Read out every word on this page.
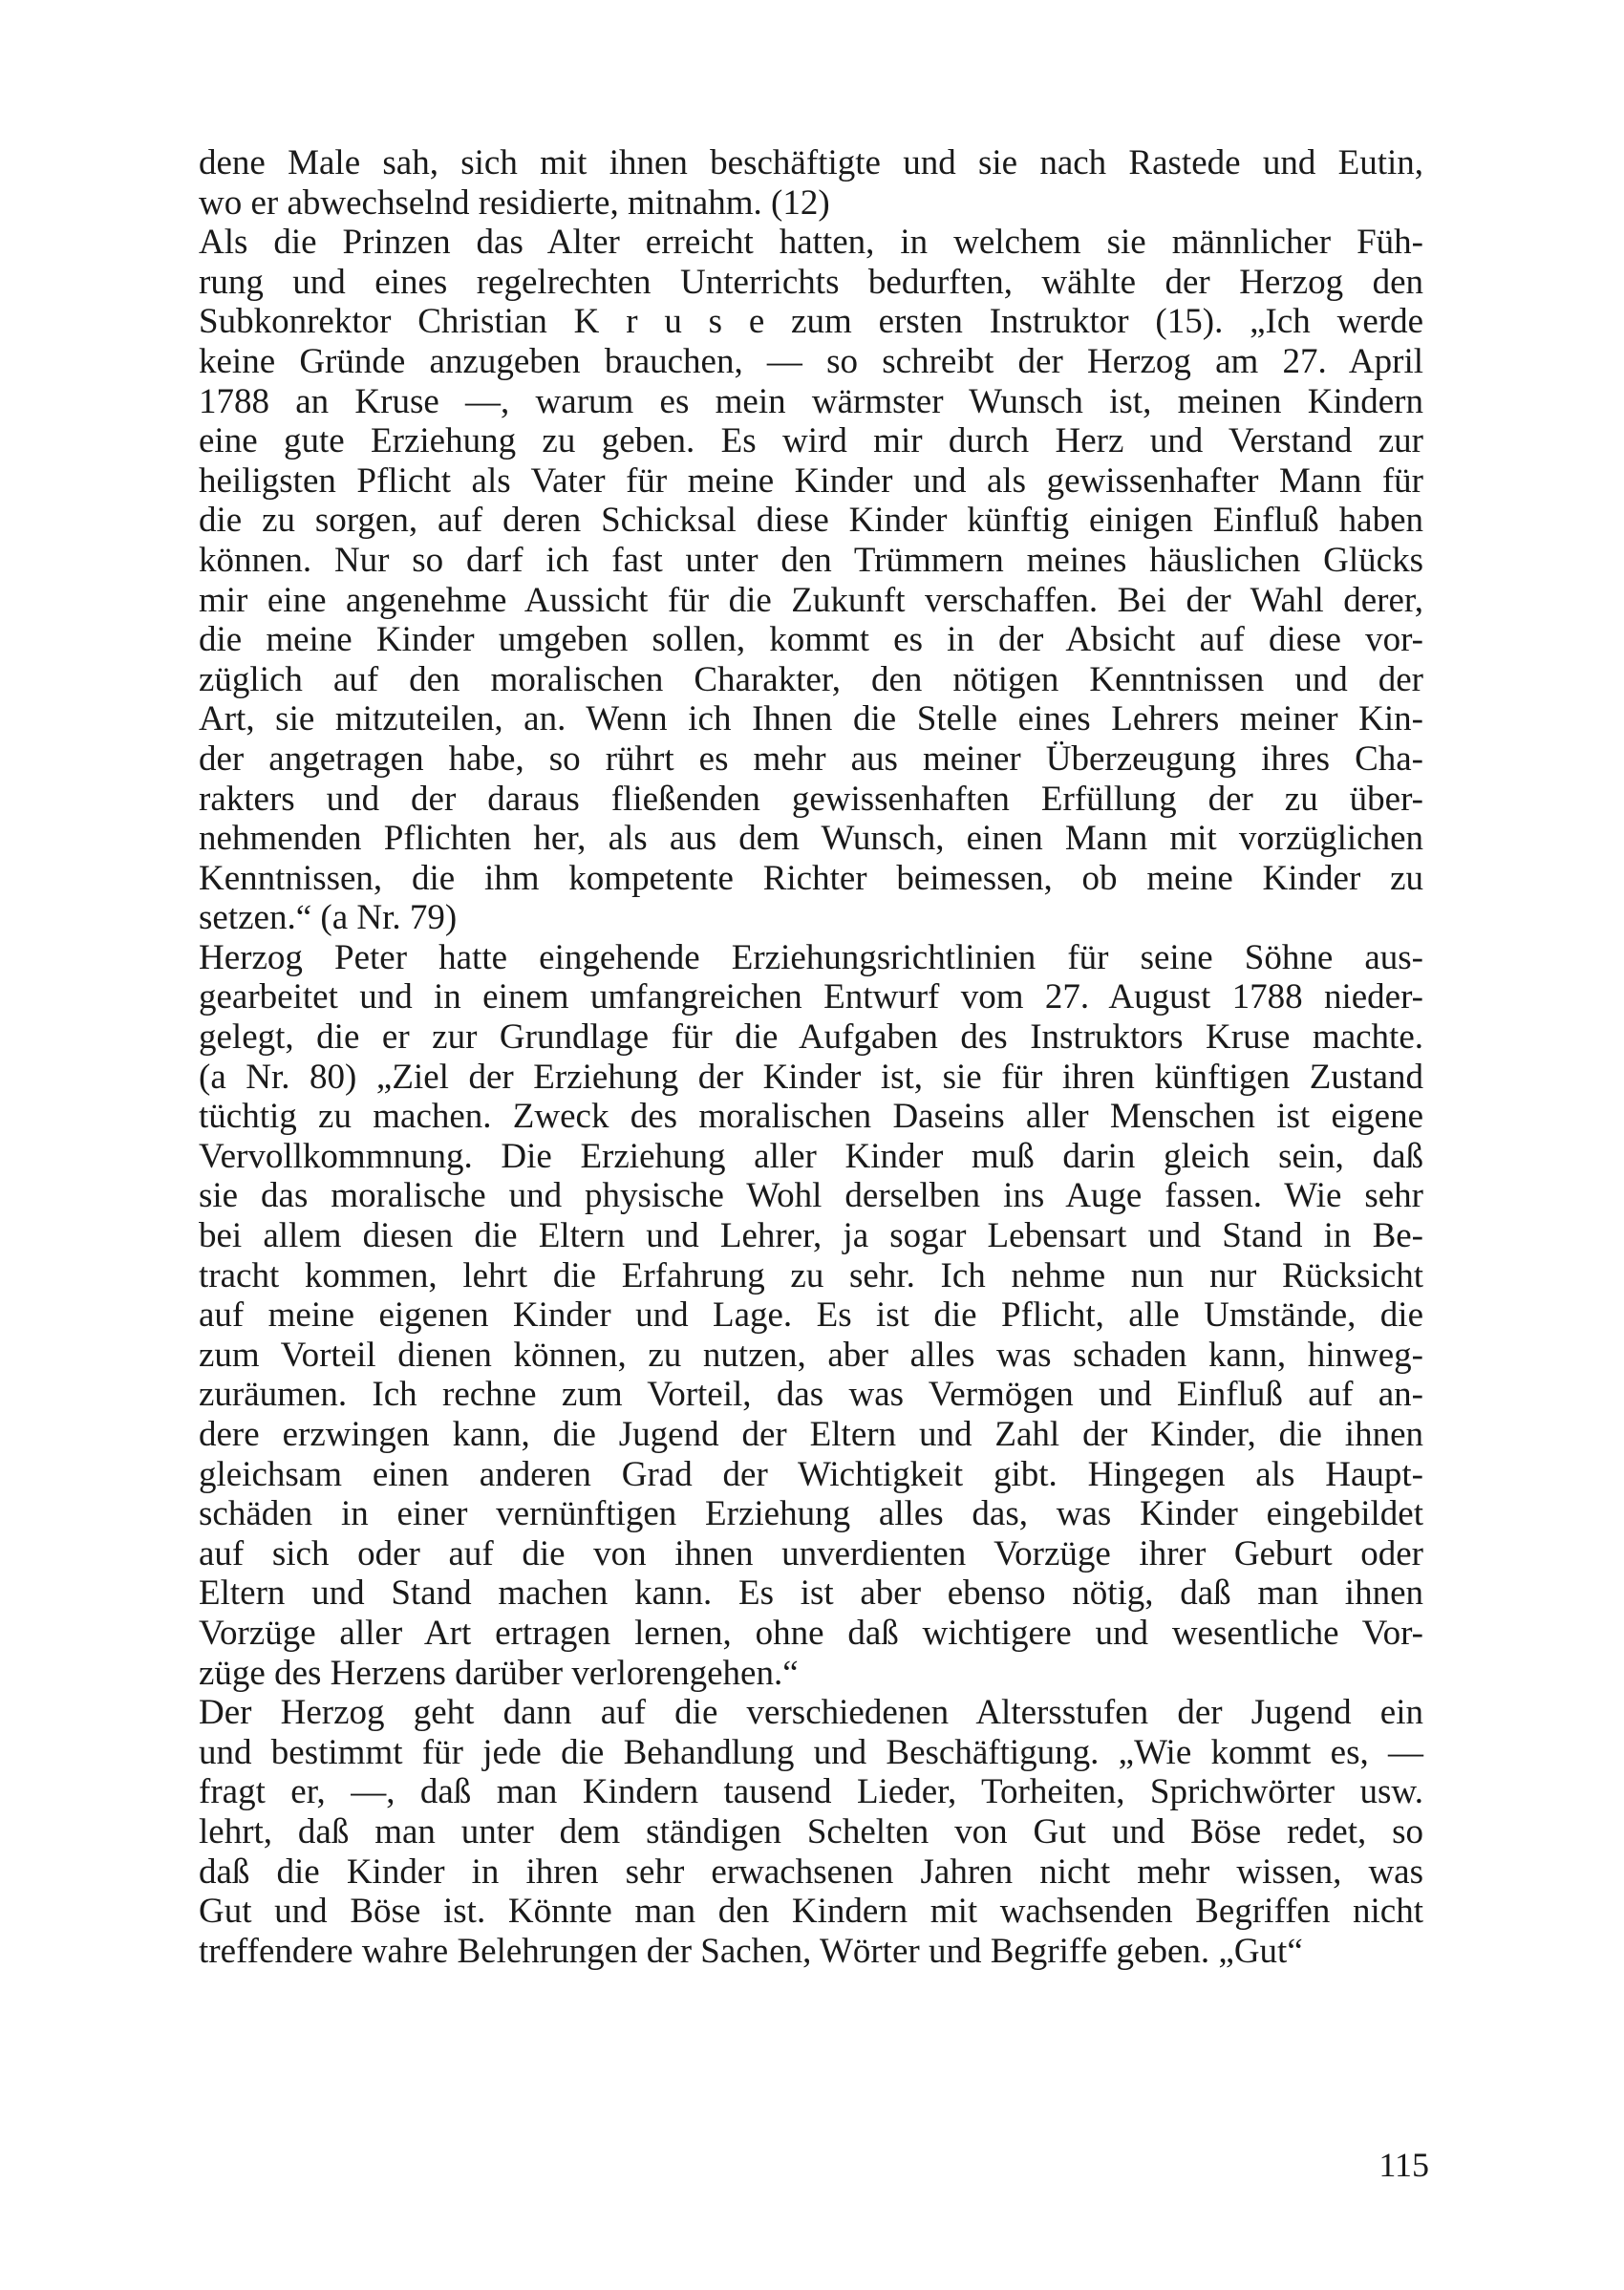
dene Male sah, sich mit ihnen beschäftigte und sie nach Rastede und Eutin,
wo er abwechselnd residierte, mitnahm. (12)

Als die Prinzen das Alter erreicht hatten, in welchem sie männlicher Füh-
rung und eines regelrechten Unterrichts bedurften, wählte der Herzog den
Subkonrektor Christian K r u s e zum ersten Instruktor (15). „Ich werde
keine Gründe anzugeben brauchen, — so schreibt der Herzog am 27. April
1788 an Kruse —, warum es mein wärmster Wunsch ist, meinen Kindern
eine gute Erziehung zu geben. Es wird mir durch Herz und Verstand zur
heiligsten Pflicht als Vater für meine Kinder und als gewissenhafter Mann für
die zu sorgen, auf deren Schicksal diese Kinder künftig einigen Einfluß haben
können. Nur so darf ich fast unter den Trümmern meines häuslichen Glücks
mir eine angenehme Aussicht für die Zukunft verschaffen. Bei der Wahl derer,
die meine Kinder umgeben sollen, kommt es in der Absicht auf diese vor-
züglich auf den moralischen Charakter, den nötigen Kenntnissen und der
Art, sie mitzuteilen, an. Wenn ich Ihnen die Stelle eines Lehrers meiner Kin-
der angetragen habe, so rührt es mehr aus meiner Überzeugung ihres Cha-
rakters und der daraus fließenden gewissenhaften Erfüllung der zu über-
nehmenden Pflichten her, als aus dem Wunsch, einen Mann mit vorzüglichen
Kenntnissen, die ihm kompetente Richter beimessen, ob meine Kinder zu
setzen.“ (a Nr. 79)

Herzog Peter hatte eingehende Erziehungsrichtlinien für seine Söhne aus-
gearbeitet und in einem umfangreichen Entwurf vom 27. August 1788 nieder-
gelegt, die er zur Grundlage für die Aufgaben des Instruktors Kruse machte.
(a Nr. 80) „Ziel der Erziehung der Kinder ist, sie für ihren künftigen Zustand
tüchtig zu machen. Zweck des moralischen Daseins aller Menschen ist eigene
Vervollkommnung. Die Erziehung aller Kinder muß darin gleich sein, daß
sie das moralische und physische Wohl derselben ins Auge fassen. Wie sehr
bei allem diesen die Eltern und Lehrer, ja sogar Lebensart und Stand in Be-
tracht kommen, lehrt die Erfahrung zu sehr. Ich nehme nun nur Rücksicht
auf meine eigenen Kinder und Lage. Es ist die Pflicht, alle Umstände, die
zum Vorteil dienen können, zu nutzen, aber alles was schaden kann, hinweg-
zuräumen. Ich rechne zum Vorteil, das was Vermögen und Einfluß auf an-
dere erzwingen kann, die Jugend der Eltern und Zahl der Kinder, die ihnen
gleichsam einen anderen Grad der Wichtigkeit gibt. Hingegen als Haupt-
schäden in einer vernünftigen Erziehung alles das, was Kinder eingebildet
auf sich oder auf die von ihnen unverdienten Vorzüge ihrer Geburt oder
Eltern und Stand machen kann. Es ist aber ebenso nötig, daß man ihnen
Vorzüge aller Art ertragen lernen, ohne daß wichtigere und wesentliche Vor-
züge des Herzens darüber verlorengehen.“

Der Herzog geht dann auf die verschiedenen Altersstufen der Jugend ein
und bestimmt für jede die Behandlung und Beschäftigung. „Wie kommt es, —
fragt er, —, daß man Kindern tausend Lieder, Torheiten, Sprichwörter usw.
lehrt, daß man unter dem ständigen Schelten von Gut und Böse redet, so
daß die Kinder in ihren sehr erwachsenen Jahren nicht mehr wissen, was
Gut und Böse ist. Könnte man den Kindern mit wachsenden Begriffen nicht
treffendere wahre Belehrungen der Sachen, Wörter und Begriffe geben. „Gut“

115
